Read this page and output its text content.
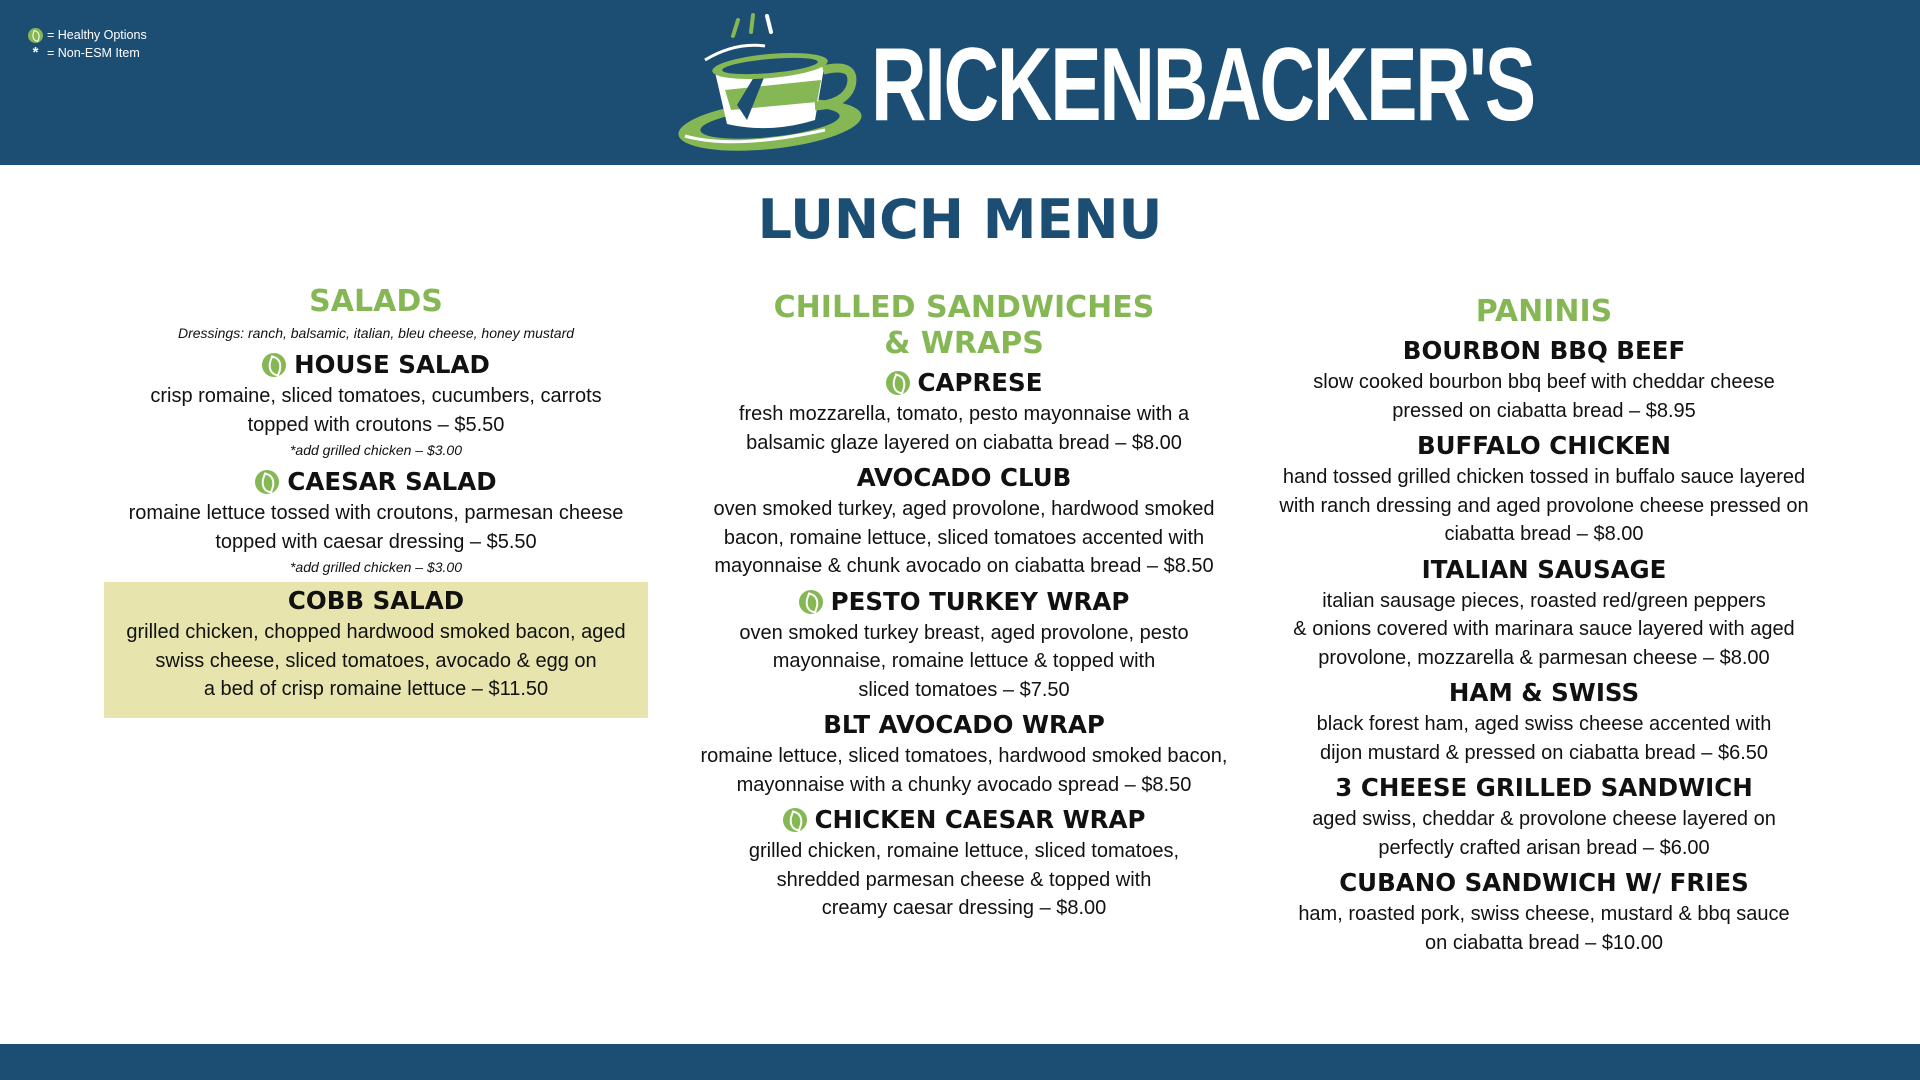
= Healthy Options
* = Non-ESM Item	RICKENBACKER'S
LUNCH MENU
SALADS
Dressings: ranch, balsamic, italian, bleu cheese, honey mustard
HOUSE SALAD
crisp romaine, sliced tomatoes, cucumbers, carrots
topped with croutons – $5.50
*add grilled chicken – $3.00
CAESAR SALAD
romaine lettuce tossed with croutons, parmesan cheese
topped with caesar dressing – $5.50
*add grilled chicken – $3.00
COBB SALAD
grilled chicken, chopped hardwood smoked bacon, aged
swiss cheese, sliced tomatoes, avocado & egg on
a bed of crisp romaine lettuce – $11.50
CHILLED SANDWICHES
& WRAPS
CAPRESE
fresh mozzarella, tomato, pesto mayonnaise with a
balsamic glaze layered on ciabatta bread – $8.00
AVOCADO CLUB
oven smoked turkey, aged provolone, hardwood smoked
bacon, romaine lettuce, sliced tomatoes accented with
mayonnaise & chunk avocado on ciabatta bread – $8.50
PESTO TURKEY WRAP
oven smoked turkey breast, aged provolone, pesto
mayonnaise, romaine lettuce & topped with
sliced tomatoes – $7.50
BLT AVOCADO WRAP
romaine lettuce, sliced tomatoes, hardwood smoked bacon,
mayonnaise with a chunky avocado spread – $8.50
CHICKEN CAESAR WRAP
grilled chicken, romaine lettuce, sliced tomatoes,
shredded parmesan cheese & topped with
creamy caesar dressing – $8.00
PANINIS
BOURBON BBQ BEEF
slow cooked bourbon bbq beef with cheddar cheese
pressed on ciabatta bread – $8.95
BUFFALO CHICKEN
hand tossed grilled chicken tossed in buffalo sauce layered
with ranch dressing and aged provolone cheese pressed on
ciabatta bread – $8.00
ITALIAN SAUSAGE
italian sausage pieces, roasted red/green peppers
& onions covered with marinara sauce layered with aged
provolone, mozzarella & parmesan cheese – $8.00
HAM & SWISS
black forest ham, aged swiss cheese accented with
dijon mustard & pressed on ciabatta bread – $6.50
3 CHEESE GRILLED SANDWICH
aged swiss, cheddar & provolone cheese layered on
perfectly crafted arisan bread – $6.00
CUBANO SANDWICH W/ FRIES
ham, roasted pork, swiss cheese, mustard & bbq sauce
on ciabatta bread – $10.00
